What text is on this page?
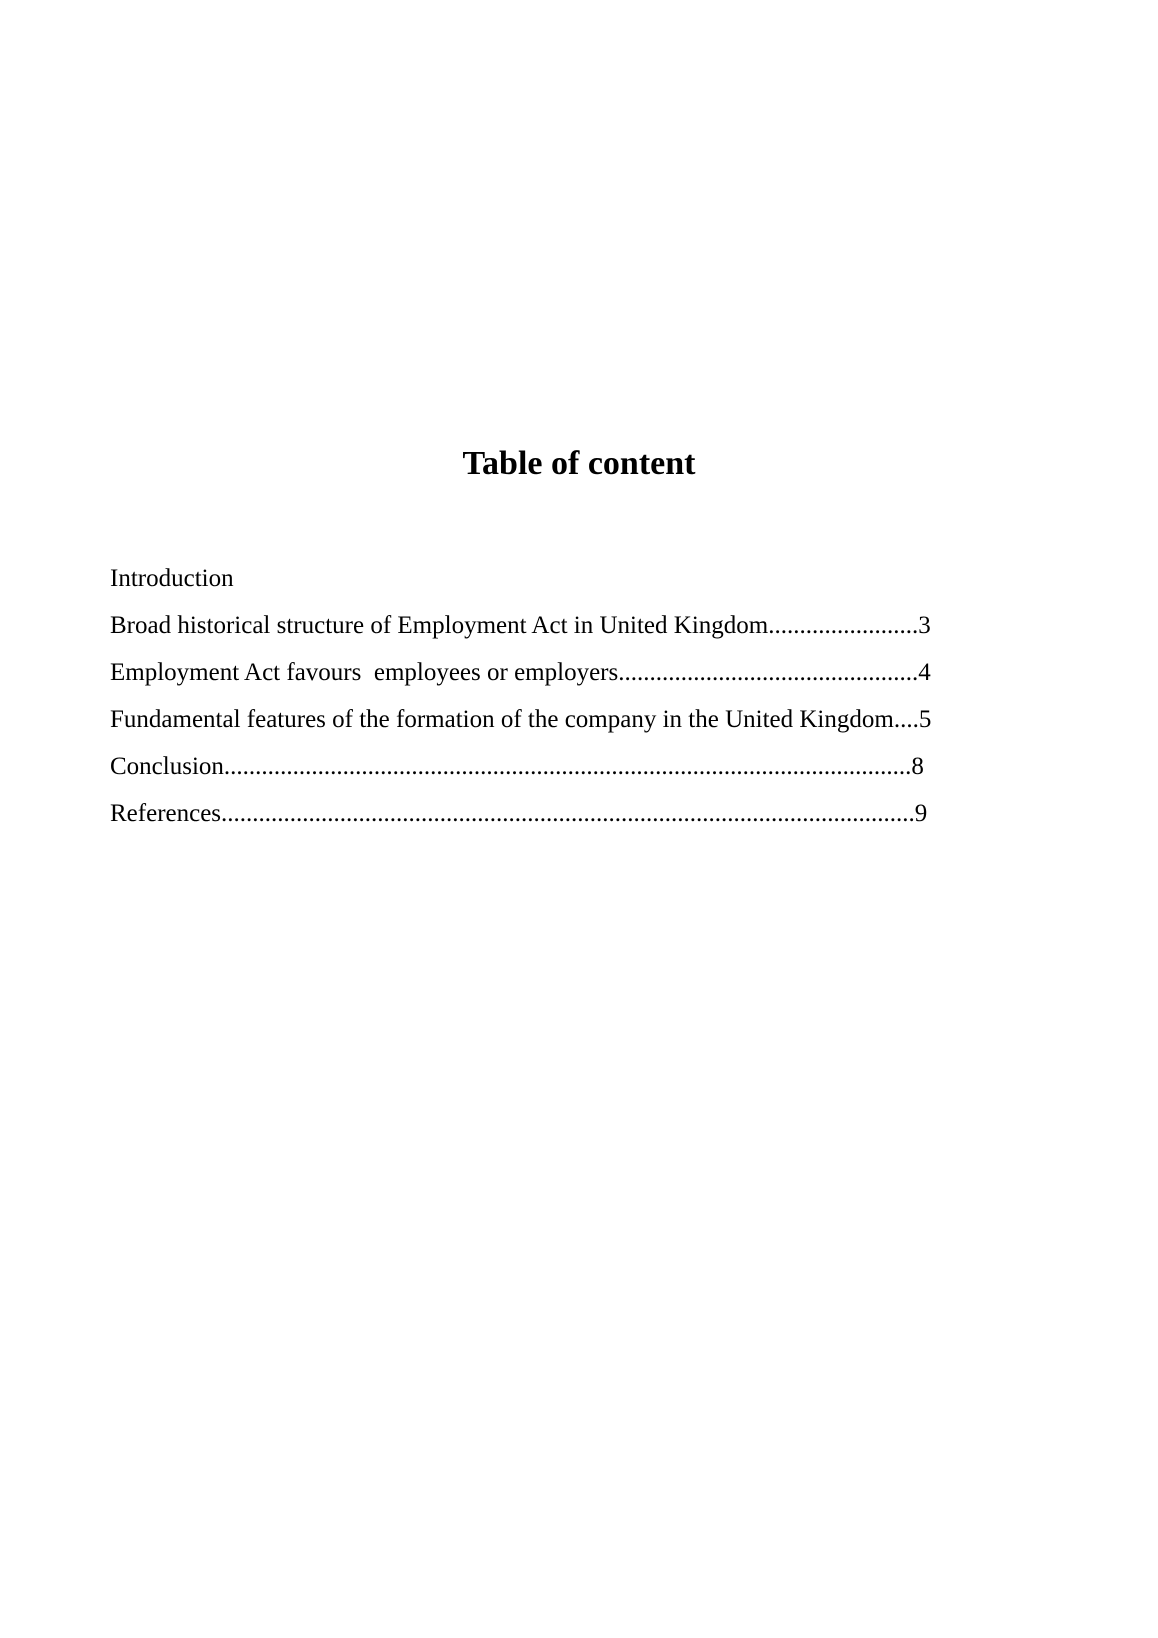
Table of content
Introduction
Broad historical structure of Employment Act in United Kingdom........................3
Employment Act favours  employees or employers................................................4
Fundamental features of the formation of the company in the United Kingdom....5
Conclusion..............................................................................................................8
References...............................................................................................................9
